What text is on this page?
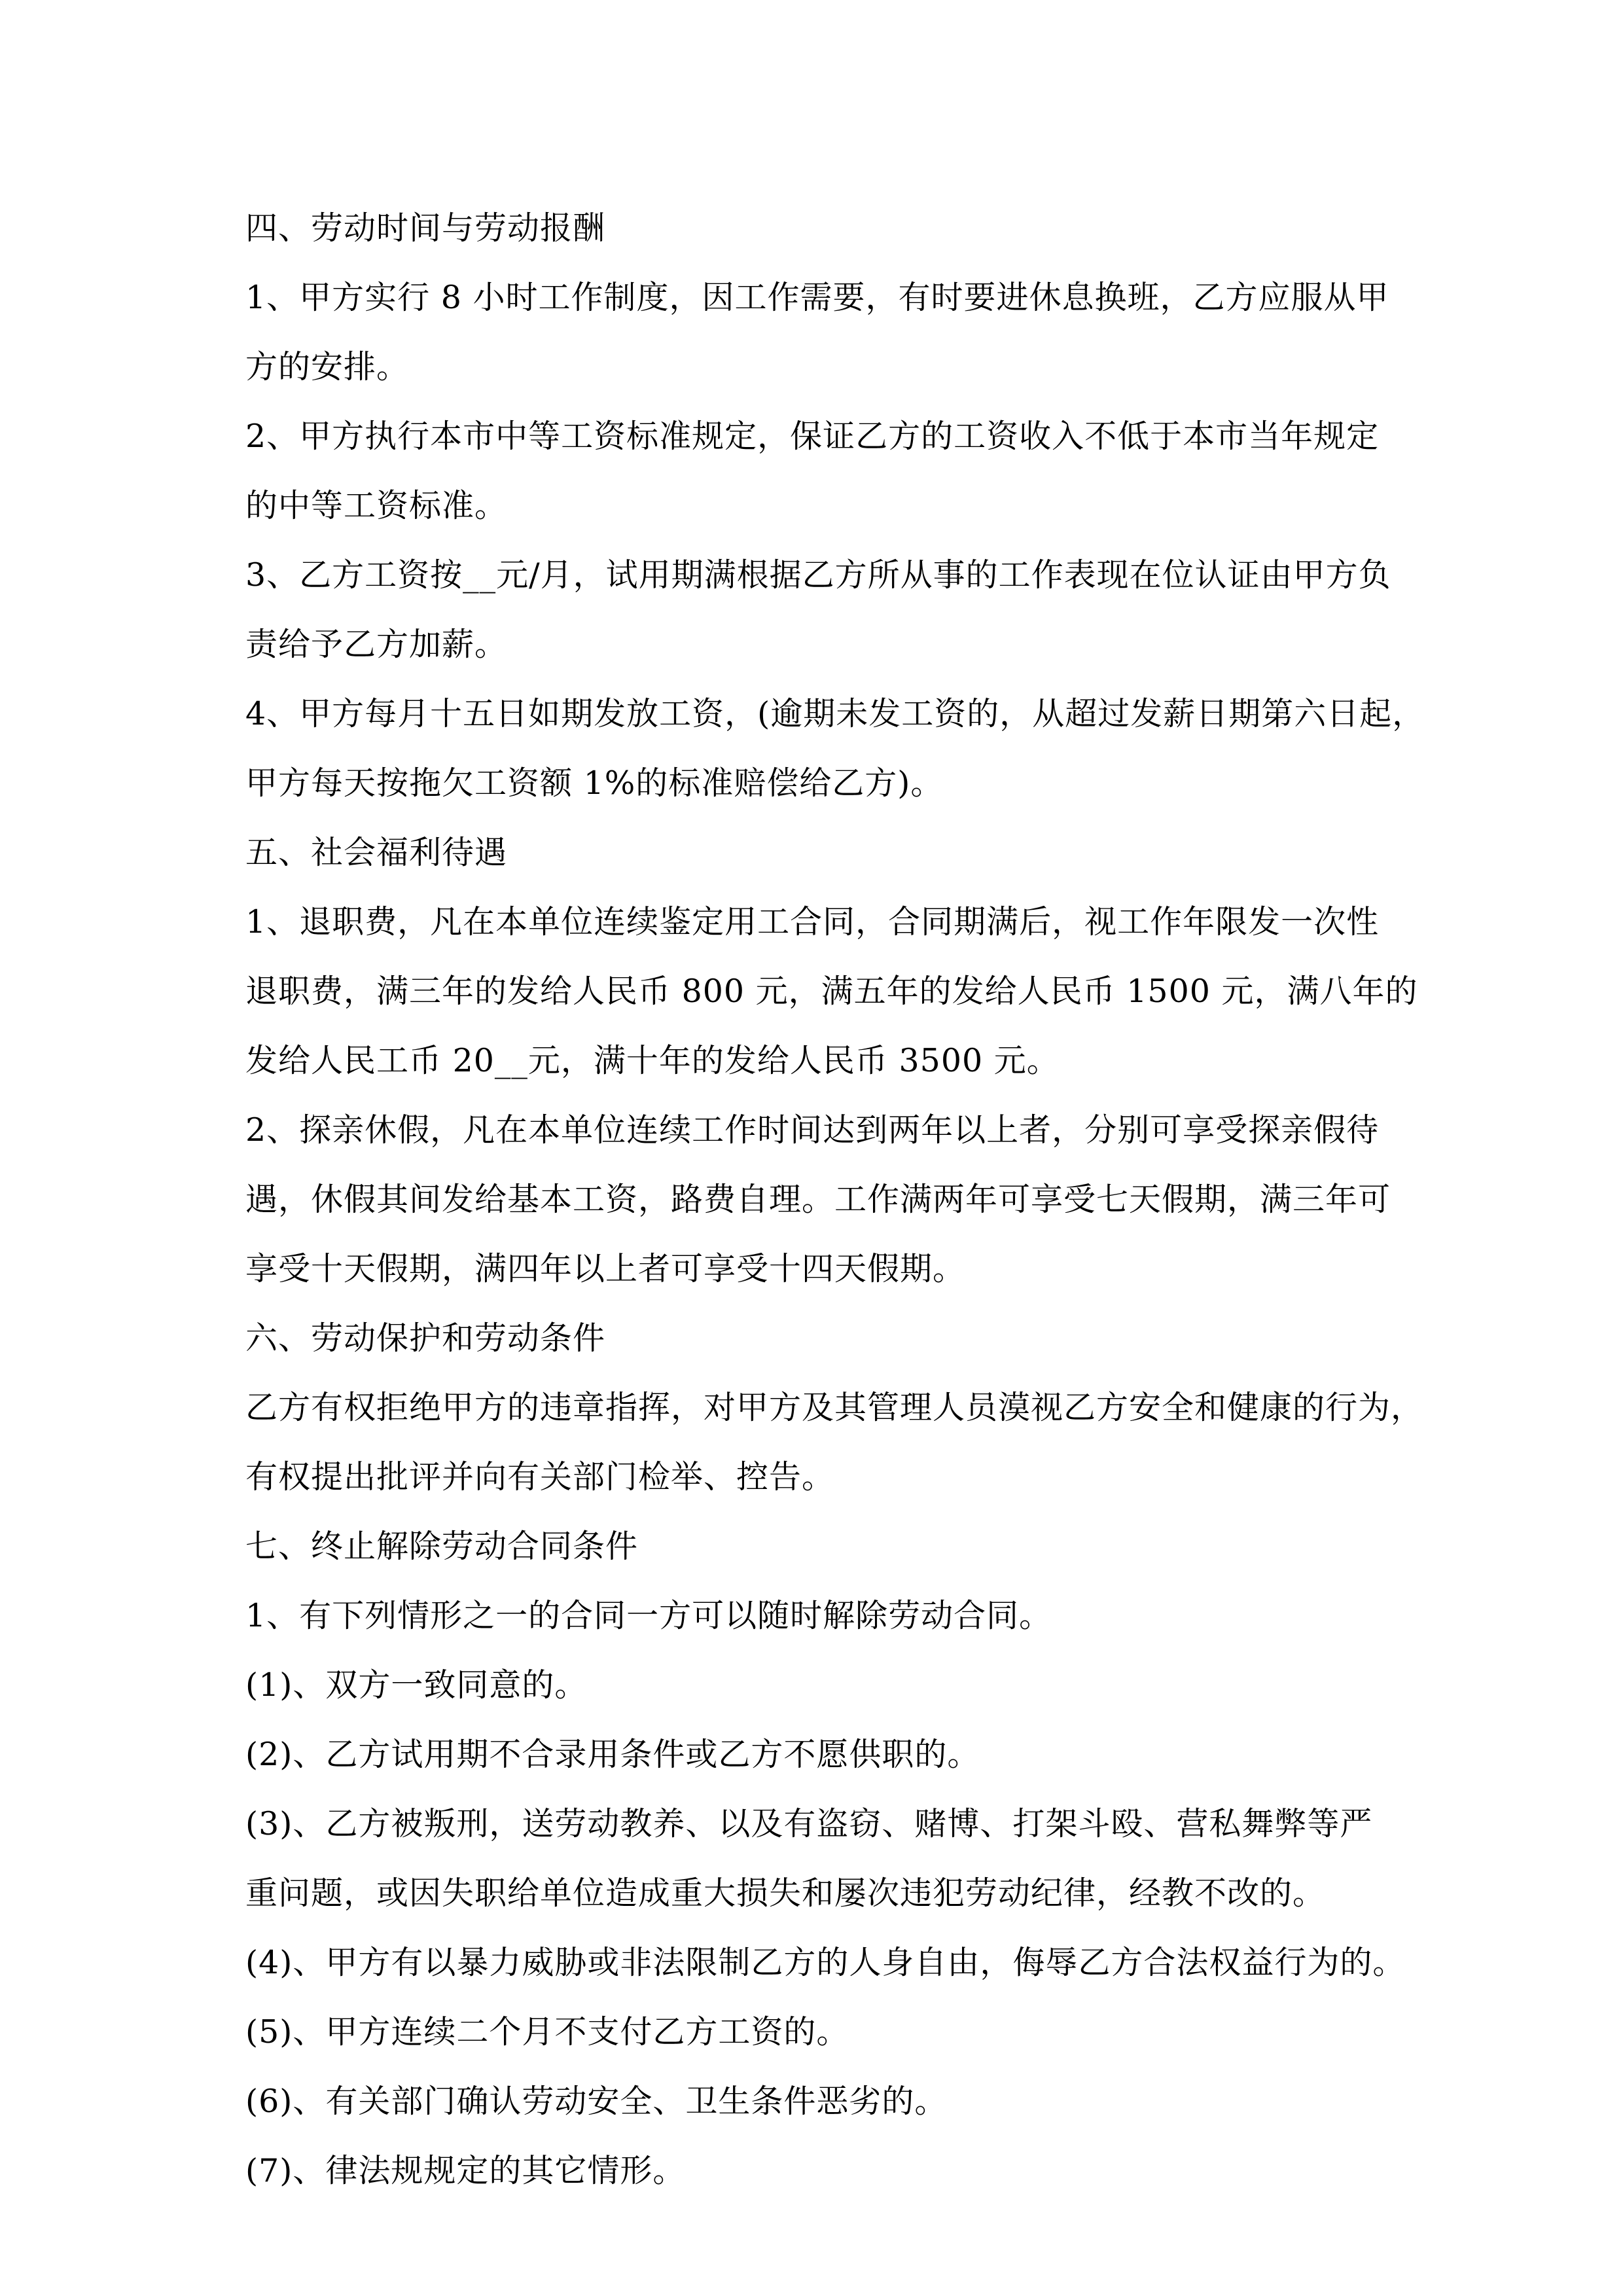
四、劳动时间与劳动报酬

1、甲方实行 8 小时工作制度，因工作需要，有时要进休息换班，乙方应服从甲

方的安排。

2、甲方执行本市中等工资标准规定，保证乙方的工资收入不低于本市当年规定

的中等工资标准。

3、乙方工资按__元/月，试用期满根据乙方所从事的工作表现在位认证由甲方负

责给予乙方加薪。

4、甲方每月十五日如期发放工资，(逾期未发工资的，从超过发薪日期第六日起，

甲方每天按拖欠工资额 1%的标准赔偿给乙方)。

五、社会福利待遇

1、退职费，凡在本单位连续鉴定用工合同，合同期满后，视工作年限发一次性

退职费，满三年的发给人民币 800 元，满五年的发给人民币 1500 元，满八年的

发给人民工币 20__元，满十年的发给人民币 3500 元。

2、探亲休假，凡在本单位连续工作时间达到两年以上者，分别可享受探亲假待

遇，休假其间发给基本工资，路费自理。工作满两年可享受七天假期，满三年可

享受十天假期，满四年以上者可享受十四天假期。

六、劳动保护和劳动条件

乙方有权拒绝甲方的违章指挥，对甲方及其管理人员漠视乙方安全和健康的行为，

有权提出批评并向有关部门检举、控告。

七、终止解除劳动合同条件

1、有下列情形之一的合同一方可以随时解除劳动合同。

(1)、双方一致同意的。

(2)、乙方试用期不合录用条件或乙方不愿供职的。

(3)、乙方被叛刑，送劳动教养、以及有盗窃、赌博、打架斗殴、营私舞弊等严

重问题，或因失职给单位造成重大损失和屡次违犯劳动纪律，经教不改的。

(4)、甲方有以暴力威胁或非法限制乙方的人身自由，侮辱乙方合法权益行为的。

(5)、甲方连续二个月不支付乙方工资的。

(6)、有关部门确认劳动安全、卫生条件恶劣的。

(7)、律法规规定的其它情形。
